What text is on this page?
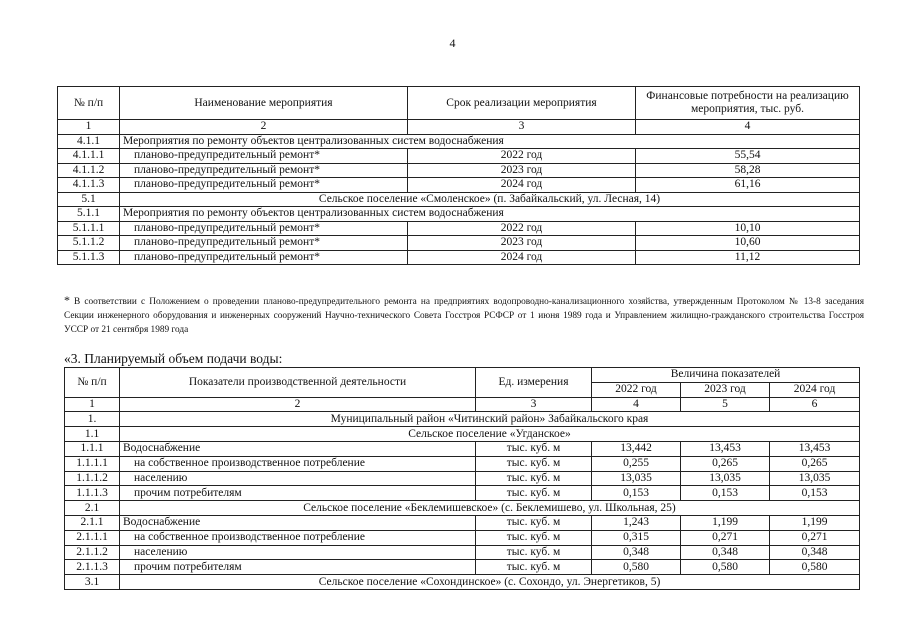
4
№ п/п	Наименование мероприятия	Срок реализации мероприятия	Финансовые потребности на реализацию мероприятия, тыс. руб.
1	2	3	4
4.1.1	Мероприятия по ремонту объектов централизованных систем водоснабжения		
4.1.1.1	планово-предупредительный ремонт*	2022 год	55,54
4.1.1.2	планово-предупредительный ремонт*	2023 год	58,28
4.1.1.3	планово-предупредительный ремонт*	2024 год	61,16
5.1	Сельское поселение «Смоленское» (п. Забайкальский, ул. Лесная, 14)		
5.1.1	Мероприятия по ремонту объектов централизованных систем водоснабжения		
5.1.1.1	планово-предупредительный ремонт*	2022 год	10,10
5.1.1.2	планово-предупредительный ремонт*	2023 год	10,60
5.1.1.3	планово-предупредительный ремонт*	2024 год	11,12
* В соответствии с Положением о проведении планово-предупредительного ремонта на предприятиях водопроводно-канализационного хозяйства, утвержденным Протоколом № 13-8 заседания Секции инженерного оборудования и инженерных сооружений Научно-технического Совета Госстроя РСФСР от 1 июня 1989 года и Управлением жилищно-гражданского строительства Госстроя УССР от 21 сентября 1989 года
«3. Планируемый объем подачи воды:
№ п/п	Показатели производственной деятельности	Ед. измерения	Величина показателей		
			2022 год	2023 год	2024 год
1	2	3	4	5	6
1.	Муниципальный район «Читинский район» Забайкальского края				
1.1	Сельское поселение «Угданское»				
1.1.1	Водоснабжение	тыс. куб. м	13,442	13,453	13,453
1.1.1.1	на собственное производственное потребление	тыс. куб. м	0,255	0,265	0,265
1.1.1.2	населению	тыс. куб. м	13,035	13,035	13,035
1.1.1.3	прочим потребителям	тыс. куб. м	0,153	0,153	0,153
2.1	Сельское поселение «Беклемишевское» (с. Беклемишево, ул. Школьная, 25)				
2.1.1	Водоснабжение	тыс. куб. м	1,243	1,199	1,199
2.1.1.1	на собственное производственное потребление	тыс. куб. м	0,315	0,271	0,271
2.1.1.2	населению	тыс. куб. м	0,348	0,348	0,348
2.1.1.3	прочим потребителям	тыс. куб. м	0,580	0,580	0,580
3.1	Сельское поселение «Сохондинское» (с. Сохондо, ул. Энергетиков, 5)				
